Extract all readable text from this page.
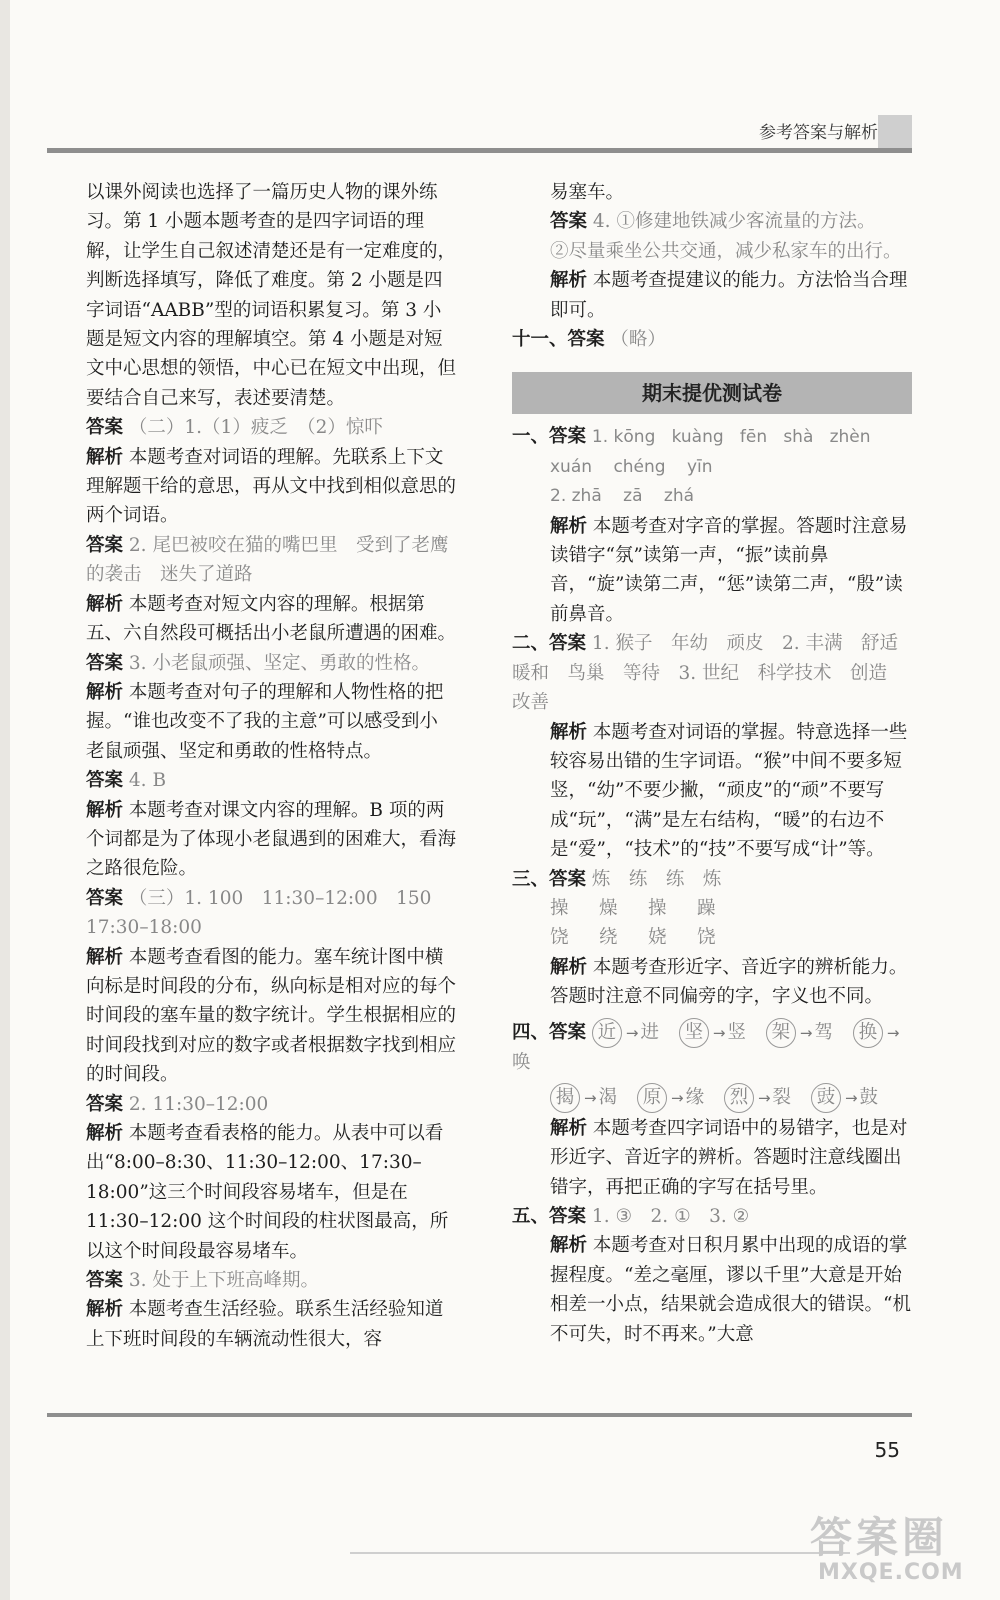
参考答案与解析

以课外阅读也选择了一篇历史人物的课外练习。第 1 小题本题考查的是四字词语的理解，让学生自己叙述清楚还是有一定难度的，判断选择填写，降低了难度。第 2 小题是四字词语“AABB”型的词语积累复习。第 3 小题是短文内容的理解填空。第 4 小题是对短文中心思想的领悟，中心已在短文中出现，但要结合自己来写，表述要清楚。

答案 （二）1.（1）疲乏　（2）惊吓

解析 本题考查对词语的理解。先联系上下文理解题干给的意思，再从文中找到相似意思的两个词语。

答案 2. 尾巴被咬在猫的嘴巴里　受到了老鹰的袭击　迷失了道路

解析 本题考查对短文内容的理解。根据第五、六自然段可概括出小老鼠所遭遇的困难。

答案 3. 小老鼠顽强、坚定、勇敢的性格。

解析 本题考查对句子的理解和人物性格的把握。“谁也改变不了我的主意”可以感受到小老鼠顽强、坚定和勇敢的性格特点。

答案 4. B

解析 本题考查对课文内容的理解。B 项的两个词都是为了体现小老鼠遇到的困难大，看海之路很危险。

答案 （三）1. 100　11:30–12:00　150　17:30–18:00

解析 本题考查看图的能力。塞车统计图中横向标是时间段的分布，纵向标是相对应的每个时间段的塞车量的数字统计。学生根据相应的时间段找到对应的数字或者根据数字找到相应的时间段。

答案 2. 11:30–12:00

解析 本题考查看表格的能力。从表中可以看出“8:00–8:30、11:30–12:00、17:30–18:00”这三个时间段容易堵车，但是在 11:30–12:00 这个时间段的柱状图最高，所以这个时间段最容易堵车。

答案 3. 处于上下班高峰期。

解析 本题考查生活经验。联系生活经验知道上下班时间段的车辆流动性很大，容

易塞车。

答案 4. ①修建地铁减少客流量的方法。

②尽量乘坐公共交通，减少私家车的出行。

解析 本题考查提建议的能力。方法恰当合理即可。

十一、答案 （略）

期末提优测试卷

一、答案 1. kōng kuàng fēn shà zhèn

xuán chéng yīn

2. zhā zā zhá

解析 本题考查对字音的掌握。答题时注意易读错字“氛”读第一声，“振”读前鼻音，“旋”读第二声，“惩”读第二声，“殷”读前鼻音。

二、答案 1. 猴子　年幼　顽皮　2. 丰满　舒适　暖和　鸟巢　等待　3. 世纪　科学技术　创造　改善

解析 本题考查对词语的掌握。特意选择一些较容易出错的生字词语。“猴”中间不要多短竖，“幼”不要少撇，“顽皮”的“顽”不要写成“玩”，“满”是左右结构，“暖”的右边不是“爱”，“技术”的“技”不要写成“计”等。

三、答案 炼　练　练　炼

操　燥　操　躁

饶　绕　娆　饶

解析 本题考查形近字、音近字的辨析能力。答题时注意不同偏旁的字，字义也不同。

四、答案 近 → 进 坚 → 竖 架 → 驾 换 →唤

揭 → 渴 原 → 缘 烈 → 裂 豉 → 鼓

解析 本题考查四字词语中的易错字，也是对形近字、音近字的辨析。答题时注意线圈出错字，再把正确的字写在括号里。

五、答案 1. ③　2. ①　3. ②

解析 本题考查对日积月累中出现的成语的掌握程度。“差之毫厘，谬以千里”大意是开始相差一小点，结果就会造成很大的错误。“机不可失，时不再来。”大意

55
答案圈
MXQE.COM
